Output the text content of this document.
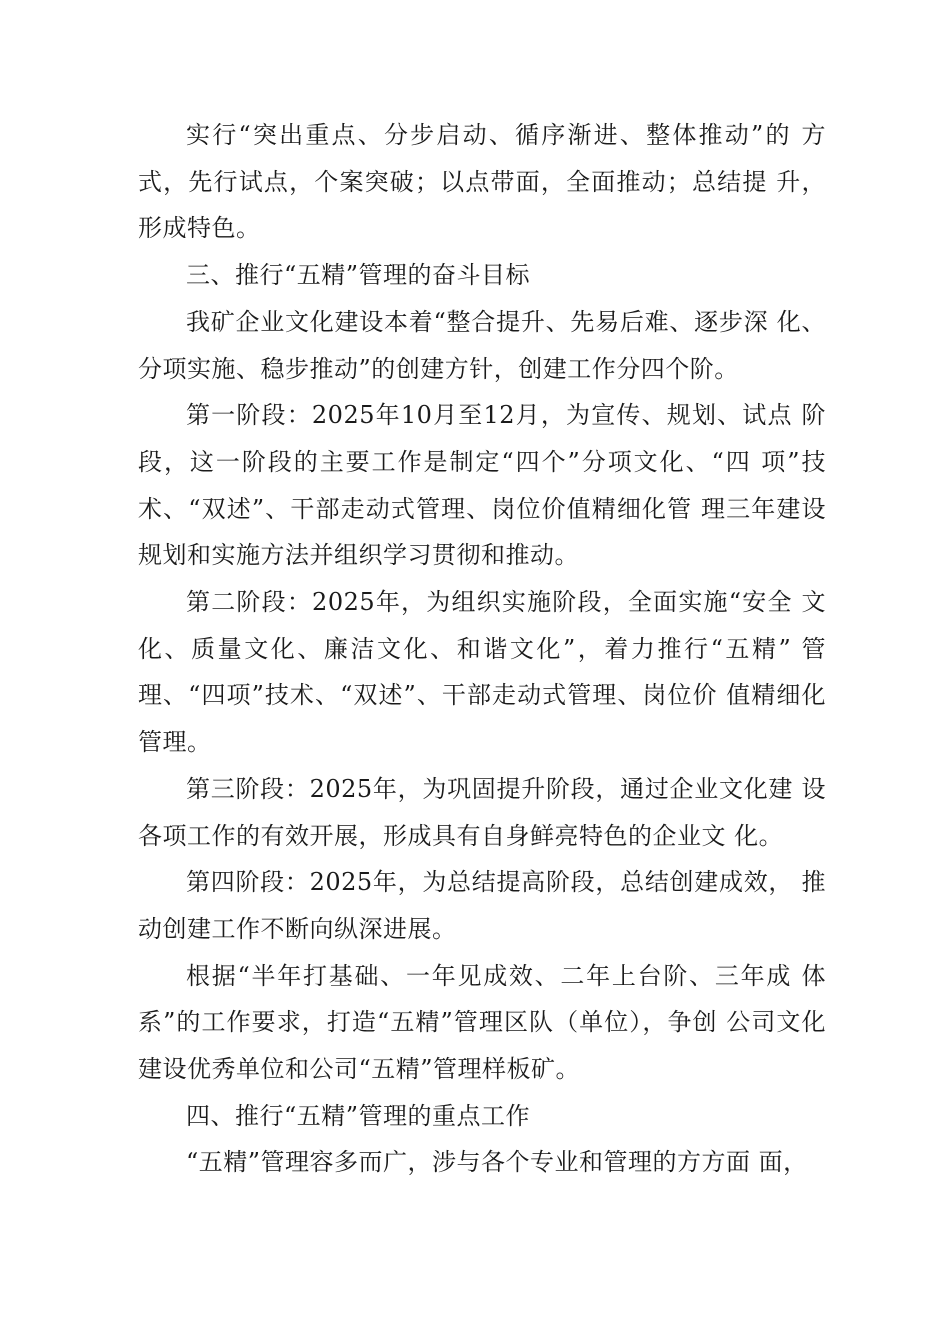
实行“突出重点、分步启动、循序渐进、整体推动”的 方式，先行试点，个案突破；以点带面，全面推动；总结提 升，形成特色。

三、推行“五精”管理的奋斗目标

我矿企业文化建设本着“整合提升、先易后难、逐步深 化、分项实施、稳步推动”的创建方针，创建工作分四个阶。

第一阶段：2025年10月至12月，为宣传、规划、试点 阶段，这一阶段的主要工作是制定“四个”分项文化、“四 项”技术、“双述”、干部走动式管理、岗位价值精细化管 理三年建设规划和实施方法并组织学习贯彻和推动。

第二阶段：2025年，为组织实施阶段，全面实施“安全 文化、质量文化、廉洁文化、和谐文化”，着力推行“五精” 管理、“四项”技术、“双述”、干部走动式管理、岗位价 值精细化管理。

第三阶段：2025年，为巩固提升阶段，通过企业文化建 设各项工作的有效开展，形成具有自身鲜亮特色的企业文 化。

第四阶段：2025年，为总结提高阶段，总结创建成效， 推动创建工作不断向纵深进展。

根据“半年打基础、一年见成效、二年上台阶、三年成 体系”的工作要求，打造“五精”管理区队（单位），争创 公司文化建设优秀单位和公司“五精”管理样板矿。

四、推行“五精”管理的重点工作

“五精”管理容多而广，涉与各个专业和管理的方方面 面，
